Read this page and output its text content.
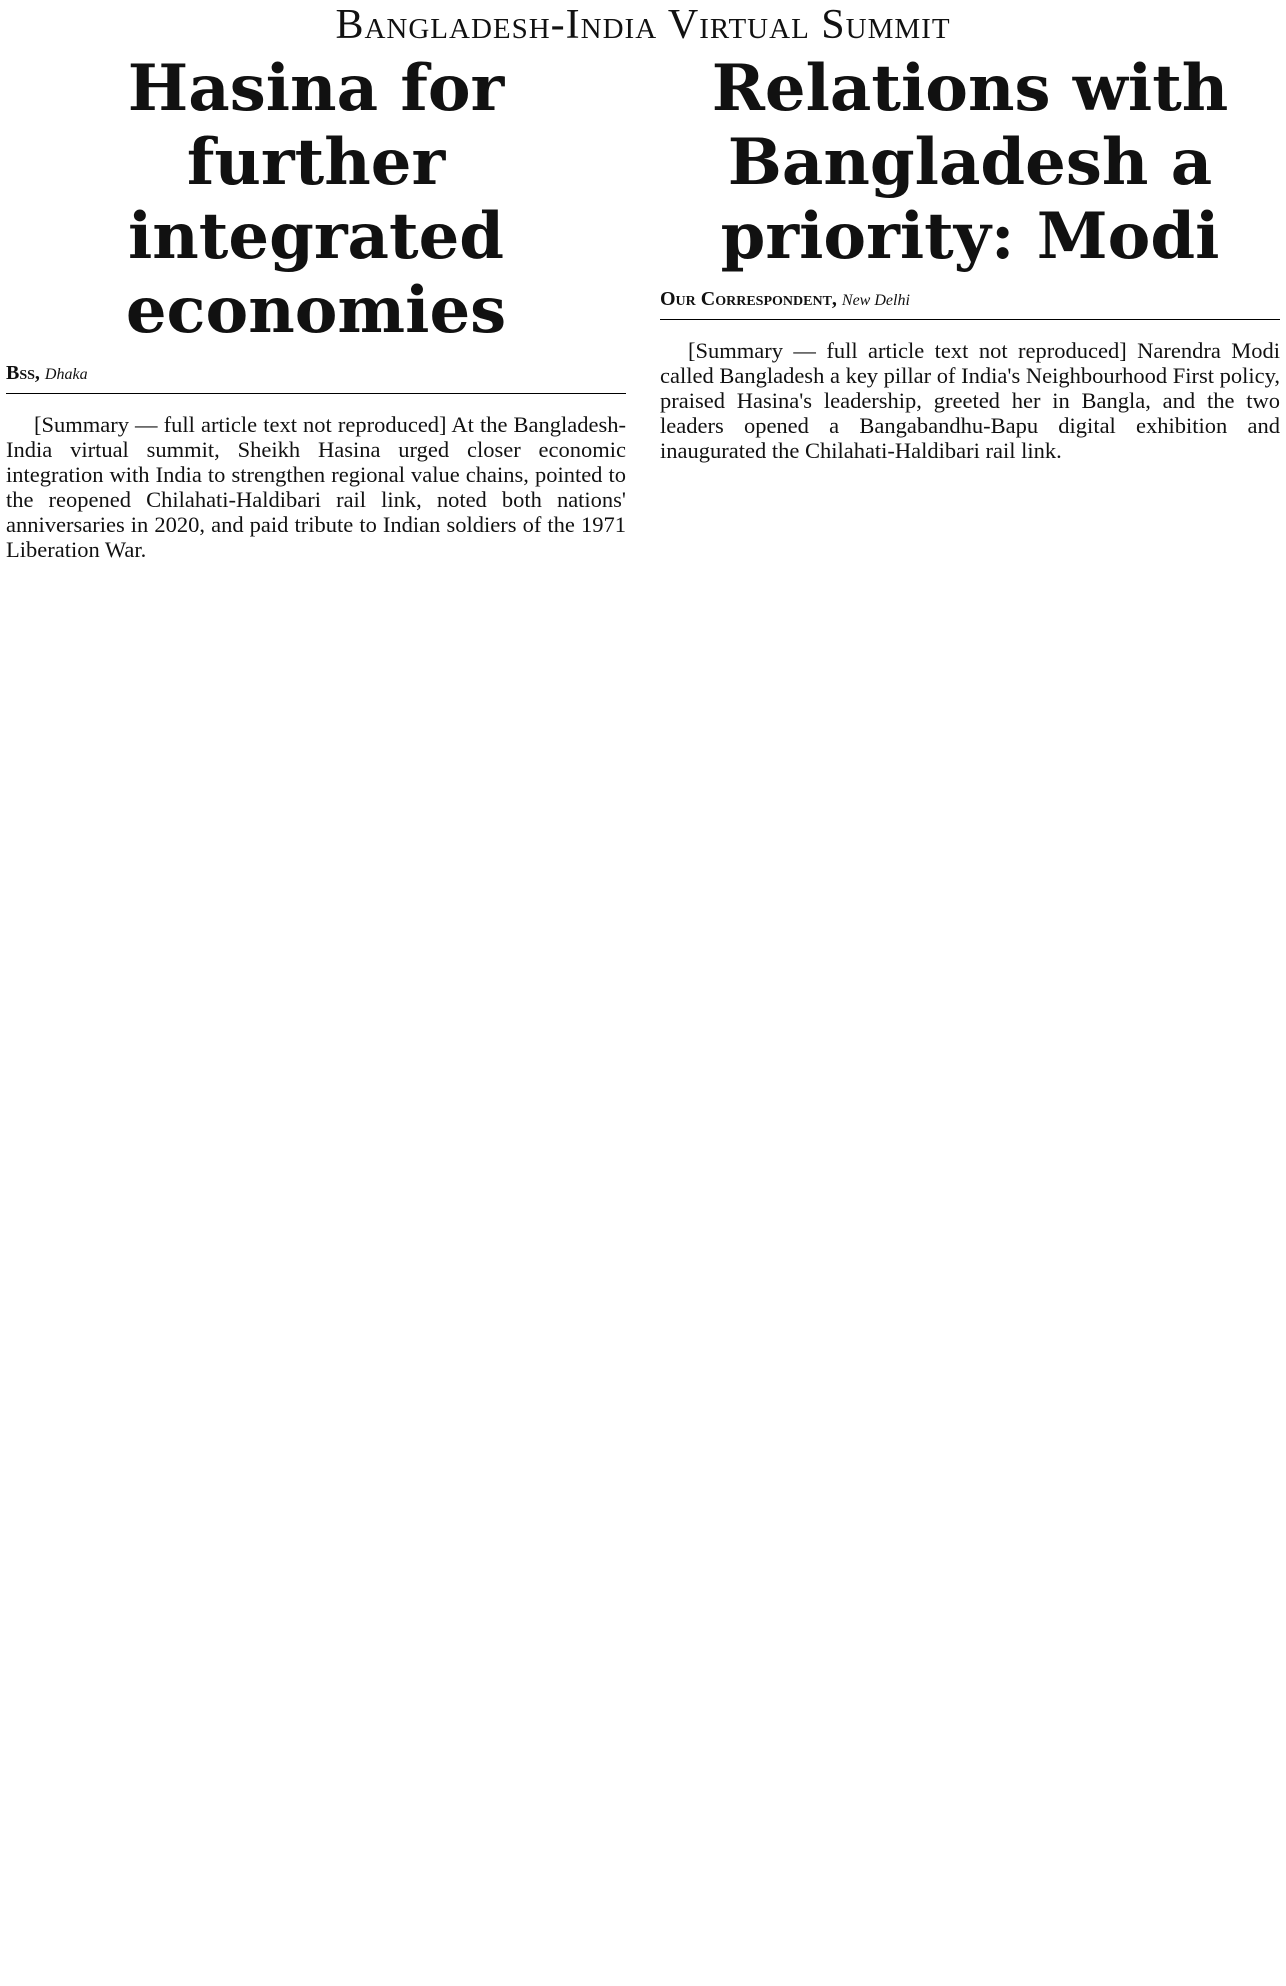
Bangladesh-India Virtual Summit
Hasina for further integrated economies
Bss, Dhaka

[Summary — full article text not reproduced] At the Bangladesh-India virtual summit, Sheikh Hasina urged closer economic integration with India to strengthen regional value chains, pointed to the reopened Chilahati-Haldibari rail link, noted both nations' anniversaries in 2020, and paid tribute to Indian soldiers of the 1971 Liberation War.

Relations with Bangladesh a priority: Modi
Our Correspondent, New Delhi

[Summary — full article text not reproduced] Narendra Modi called Bangladesh a key pillar of India's Neighbourhood First policy, praised Hasina's leadership, greeted her in Bangla, and the two leaders opened a Bangabandhu-Bapu digital exhibition and inaugurated the Chilahati-Haldibari rail link.
